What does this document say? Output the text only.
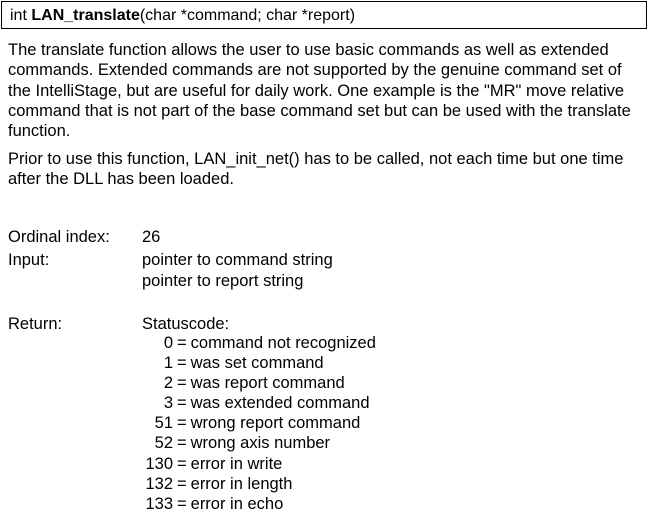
int LAN_translate(char *command; char *report)

The translate function allows the user to use basic commands as well as extended commands. Extended commands are not supported by the genuine command set of the IntelliStage, but are useful for daily work. One example is the "MR" move relative command that is not part of the base command set but can be used with the translate function.

Prior to use this function, LAN_init_net() has to be called, not each time but one time after the DLL has been loaded.

Ordinal index: 26
Input:	pointer to command string
pointer to report string
Return:	Statuscode:
0 = command not recognized
1 = was set command
2 = was report command
3 = was extended command
51 = wrong report command
52 = wrong axis number
130 = error in write
132 = error in length
133 = error in echo
